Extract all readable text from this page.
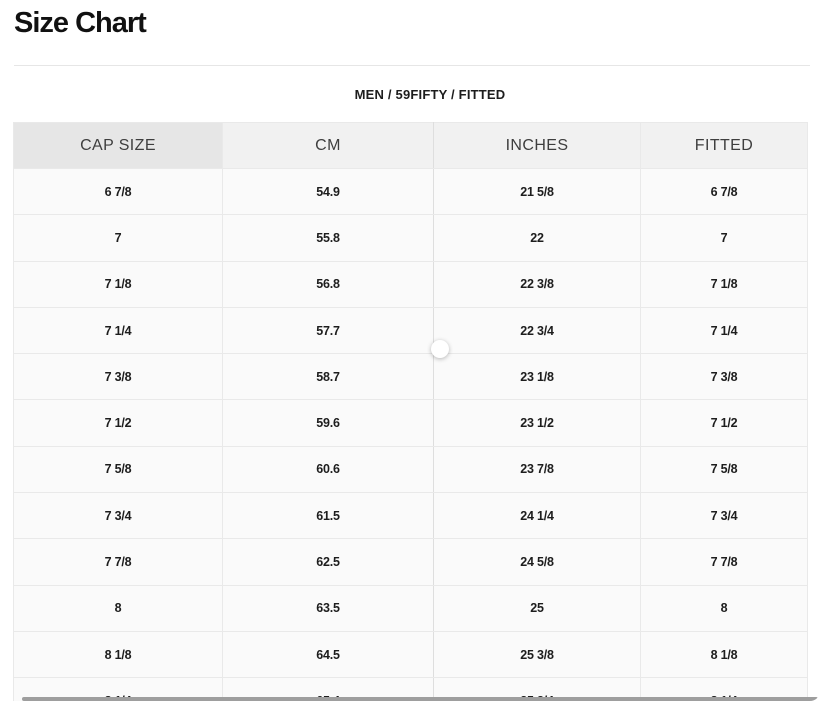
Size Chart
MEN / 59FIFTY / FITTED
CAP SIZE	CM	INCHES	FITTED
6 7/8	54.9	21 5/8	6 7/8
7	55.8	22	7
7 1/8	56.8	22 3/8	7 1/8
7 1/4	57.7	22 3/4	7 1/4
7 3/8	58.7	23 1/8	7 3/8
7 1/2	59.6	23 1/2	7 1/2
7 5/8	60.6	23 7/8	7 5/8
7 3/4	61.5	24 1/4	7 3/4
7 7/8	62.5	24 5/8	7 7/8
8	63.5	25	8
8 1/8	64.5	25 3/8	8 1/8
